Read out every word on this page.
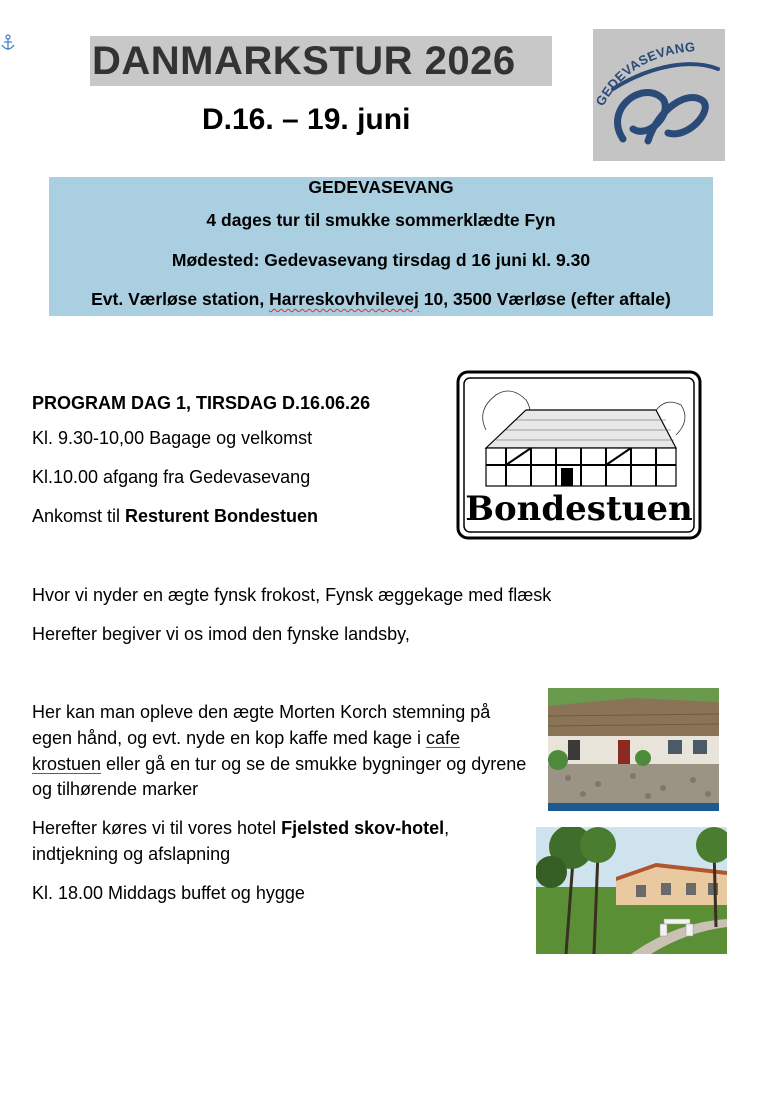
DANMARKSTUR 2026
D.16. – 19. juni
GEDEVASEVANG
GEDEVASEVANG
4 dages tur til smukke sommerklædte Fyn
Mødested: Gedevasevang tirsdag d 16 juni kl. 9.30
Evt. Værløse station, Harreskovhvilevej 10, 3500 Værløse (efter aftale)
PROGRAM DAG 1, TIRSDAG D.16.06.26
Kl. 9.30-10,00 Bagage og velkomst
Kl.10.00 afgang fra Gedevasevang
Ankomst til Resturent Bondestuen	Bondestuen
Hvor vi nyder en ægte fynsk frokost, Fynsk æggekage med flæsk
Herefter begiver vi os imod den fynske landsby,
Her kan man opleve den ægte Morten Korch stemning på
egen hånd, og evt. nyde en kop kaffe med kage i cafe
krostuen eller gå en tur og se de smukke bygninger og dyrene
og tilhørende marker
Herefter køres vi til vores hotel Fjelsted skov-hotel,
indtjekning og afslapning
Kl. 18.00 Middags buffet og hygge
